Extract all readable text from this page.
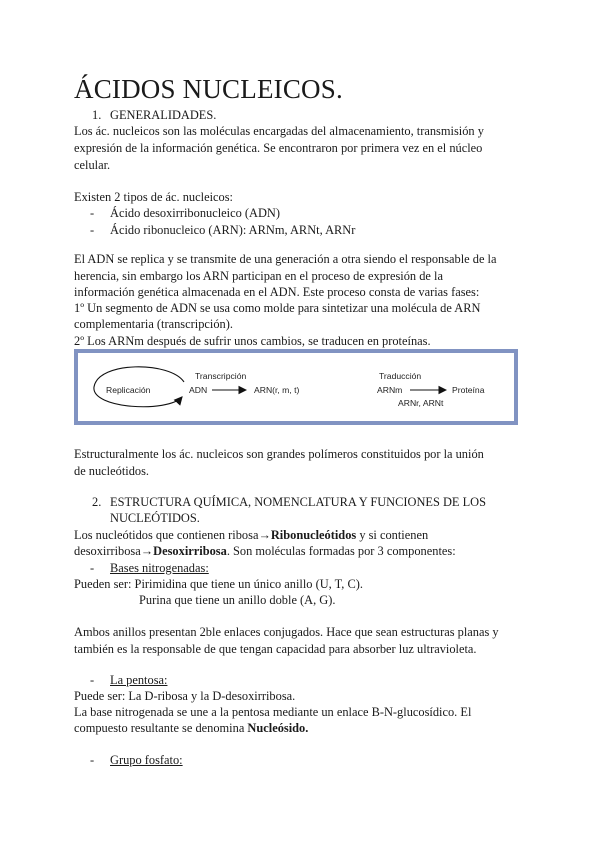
ÁCIDOS NUCLEICOS.
1. GENERALIDADES.
Los ác. nucleicos son las moléculas encargadas del almacenamiento, transmisión y
expresión de la información genética. Se encontraron por primera vez en el núcleo
celular.
Existen 2 tipos de ác. nucleicos:
- Ácido desoxirribonucleico (ADN)
- Ácido ribonucleico (ARN): ARNm, ARNt, ARNr
El ADN se replica y se transmite de una generación a otra siendo el responsable de la
herencia, sin embargo los ARN participan en el proceso de expresión de la
información genética almacenada en el ADN. Este proceso consta de varias fases:
1º Un segmento de ADN se usa como molde para sintetizar una molécula de ARN
complementaria (transcripción).
2º Los ARNm después de sufrir unos cambios, se traducen en proteínas.
Replicación	ADN
Transcripción
ARN(r, m, t)
Traducción
ARNm	Proteína
ARNr, ARNt
Estructuralmente los ác. nucleicos son grandes polímeros constituidos por la unión
de nucleótidos.
2. ESTRUCTURA QUÍMICA, NOMENCLATURA Y FUNCIONES DE LOS
NUCLEÓTIDOS.
Los nucleótidos que contienen ribosa→Ribonucleótidos y si contienen
desoxirribosa→Desoxirribosa. Son moléculas formadas por 3 componentes:
- Bases nitrogenadas:
Pueden ser: Pirimidina que tiene un único anillo (U, T, C).
Purina que tiene un anillo doble (A, G).
Ambos anillos presentan 2ble enlaces conjugados. Hace que sean estructuras planas y
también es la responsable de que tengan capacidad para absorber luz ultravioleta.
- La pentosa:
Puede ser: La D-ribosa y la D-desoxirribosa.
La base nitrogenada se une a la pentosa mediante un enlace B-N-glucosídico. El
compuesto resultante se denomina Nucleósido.
- Grupo fosfato:
